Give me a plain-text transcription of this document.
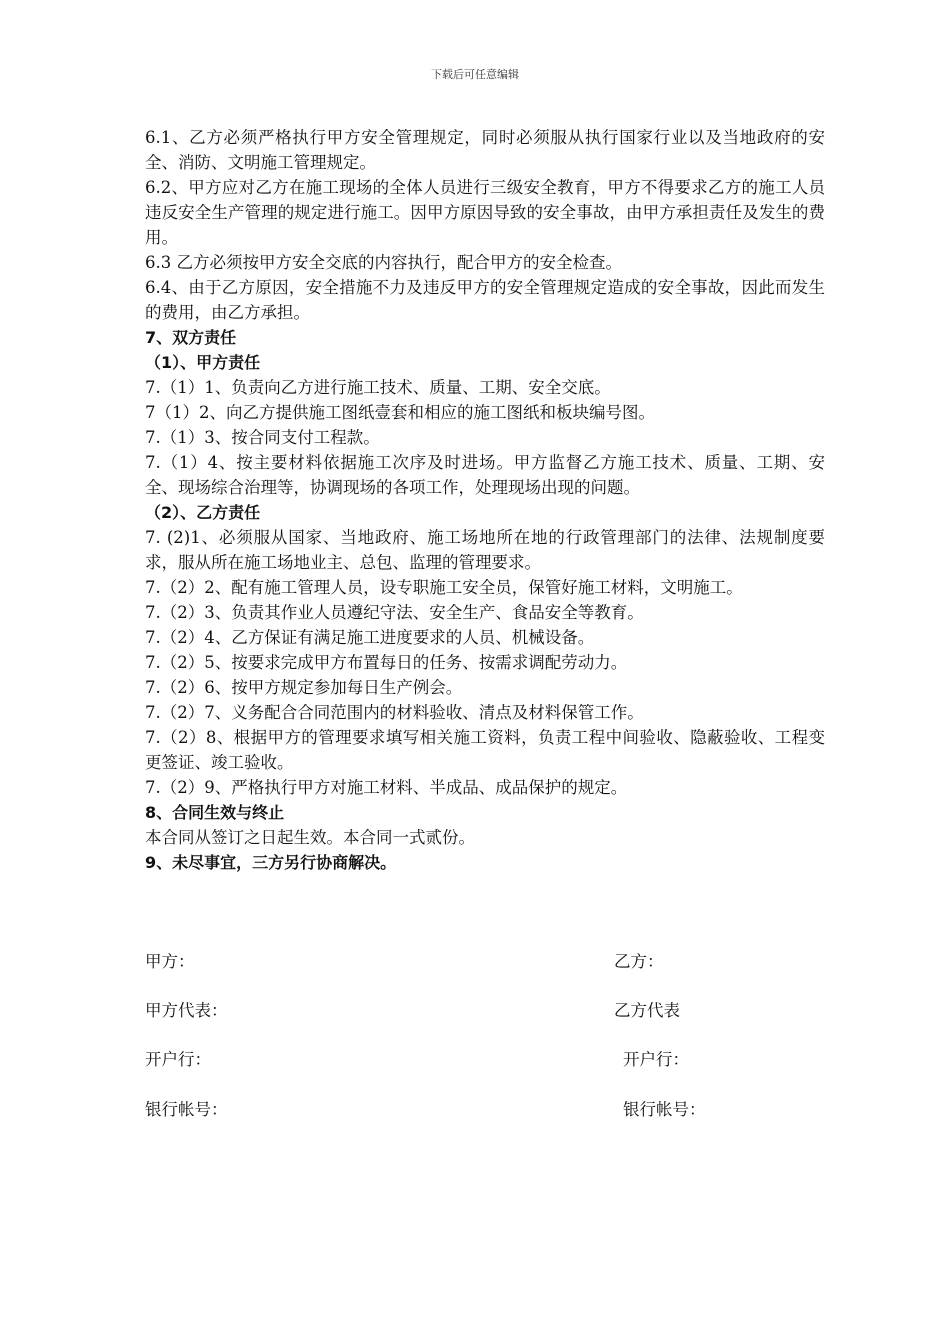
下载后可任意编辑
6.1、乙方必须严格执行甲方安全管理规定，同时必须服从执行国家行业以及当地政府的安全、消防、文明施工管理规定。
6.2、甲方应对乙方在施工现场的全体人员进行三级安全教育，甲方不得要求乙方的施工人员违反安全生产管理的规定进行施工。因甲方原因导致的安全事故，由甲方承担责任及发生的费用。
6.3 乙方必须按甲方安全交底的内容执行，配合甲方的安全检查。
6.4、由于乙方原因，安全措施不力及违反甲方的安全管理规定造成的安全事故，因此而发生的费用，由乙方承担。
7、双方责任
（1）、甲方责任
7.（1）1、负责向乙方进行施工技术、质量、工期、安全交底。
7（1）2、向乙方提供施工图纸壹套和相应的施工图纸和板块编号图。
7.（1）3、按合同支付工程款。
7.（1）4、按主要材料依据施工次序及时进场。甲方监督乙方施工技术、质量、工期、安全、现场综合治理等，协调现场的各项工作，处理现场出现的问题。
（2）、乙方责任
7. (2)1、必须服从国家、当地政府、施工场地所在地的行政管理部门的法律、法规制度要求，服从所在施工场地业主、总包、监理的管理要求。
7.（2）2、配有施工管理人员，设专职施工安全员，保管好施工材料，文明施工。
7.（2）3、负责其作业人员遵纪守法、安全生产、食品安全等教育。
7.（2）4、乙方保证有满足施工进度要求的人员、机械设备。
7.（2）5、按要求完成甲方布置每日的任务、按需求调配劳动力。
7.（2）6、按甲方规定参加每日生产例会。
7.（2）7、义务配合合同范围内的材料验收、清点及材料保管工作。
7.（2）8、根据甲方的管理要求填写相关施工资料，负责工程中间验收、隐蔽验收、工程变更签证、竣工验收。
7.（2）9、严格执行甲方对施工材料、半成品、成品保护的规定。
8、合同生效与终止
本合同从签订之日起生效。本合同一式贰份。
9、未尽事宜，三方另行协商解决。
甲方：	乙方：
甲方代表：	乙方代表
开户行：	开户行：
银行帐号：	银行帐号：
